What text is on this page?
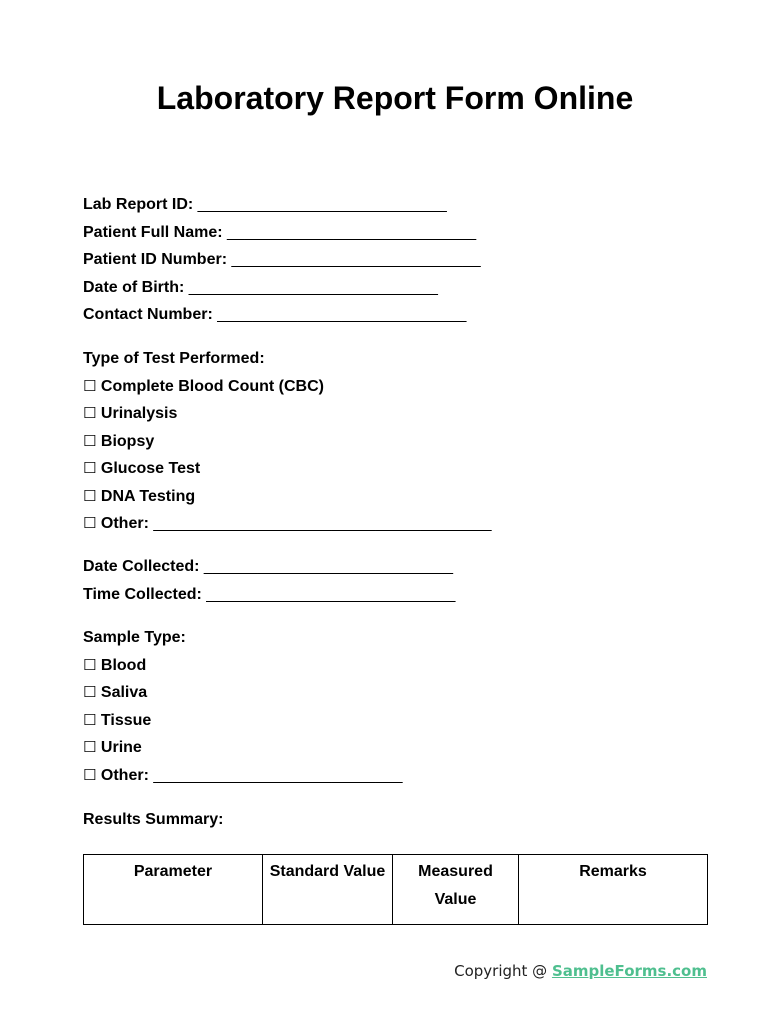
Laboratory Report Form Online
Lab Report ID: ____________________________
Patient Full Name: ____________________________
Patient ID Number: ____________________________
Date of Birth: ____________________________
Contact Number: ____________________________
Type of Test Performed:
☐ Complete Blood Count (CBC)
☐ Urinalysis
☐ Biopsy
☐ Glucose Test
☐ DNA Testing
☐ Other: ______________________________________
Date Collected: ____________________________
Time Collected: ____________________________
Sample Type:
☐ Blood
☐ Saliva
☐ Tissue
☐ Urine
☐ Other: ____________________________
Results Summary:
Parameter	Standard Value	Measured Value	Remarks
Copyright @ SampleForms.com
